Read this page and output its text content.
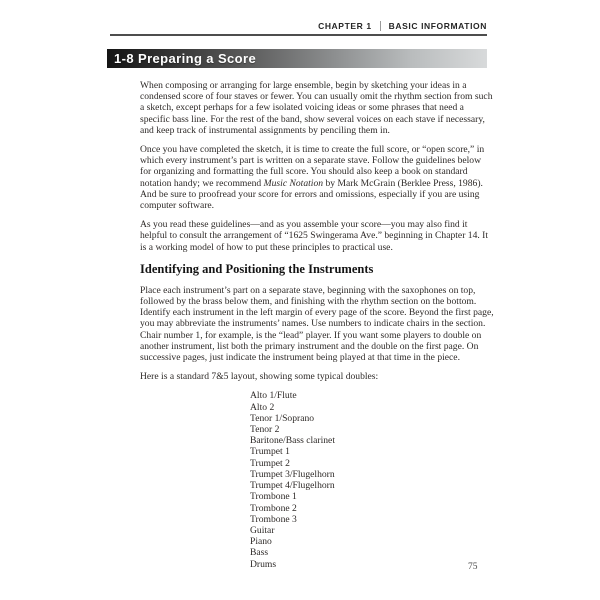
CHAPTER 1 BASIC INFORMATION
1-8 Preparing a Score

When composing or arranging for large ensemble, begin by sketching your ideas in a condensed score of four staves or fewer. You can usually omit the rhythm section from such a sketch, except perhaps for a few isolated voicing ideas or some phrases that need a specific bass line. For the rest of the band, show several voices on each stave if necessary, and keep track of instrumental assignments by penciling them in.

Once you have completed the sketch, it is time to create the full score, or “open score,” in which every instrument’s part is written on a separate stave. Follow the guidelines below for organizing and formatting the full score. You should also keep a book on standard notation handy; we recommend Music Notation by Mark McGrain (Berklee Press, 1986). And be sure to proofread your score for errors and omissions, especially if you are using computer software.

As you read these guidelines—and as you assemble your score—you may also find it helpful to consult the arrangement of “1625 Swingerama Ave.” beginning in Chapter 14. It is a working model of how to put these principles to practical use.

Identifying and Positioning the Instruments

Place each instrument’s part on a separate stave, beginning with the saxophones on top, followed by the brass below them, and finishing with the rhythm section on the bottom. Identify each instrument in the left margin of every page of the score. Beyond the first page, you may abbreviate the instruments’ names. Use numbers to indicate chairs in the section. Chair number 1, for example, is the “lead” player. If you want some players to double on another instrument, list both the primary instrument and the double on the first page. On successive pages, just indicate the instrument being played at that time in the piece.

Here is a standard 7&5 layout, showing some typical doubles:

Alto 1/Flute
Alto 2
Tenor 1/Soprano
Tenor 2
Baritone/Bass clarinet
Trumpet 1
Trumpet 2
Trumpet 3/Flugelhorn
Trumpet 4/Flugelhorn
Trombone 1
Trombone 2
Trombone 3
Guitar
Piano
Bass
Drums	75
